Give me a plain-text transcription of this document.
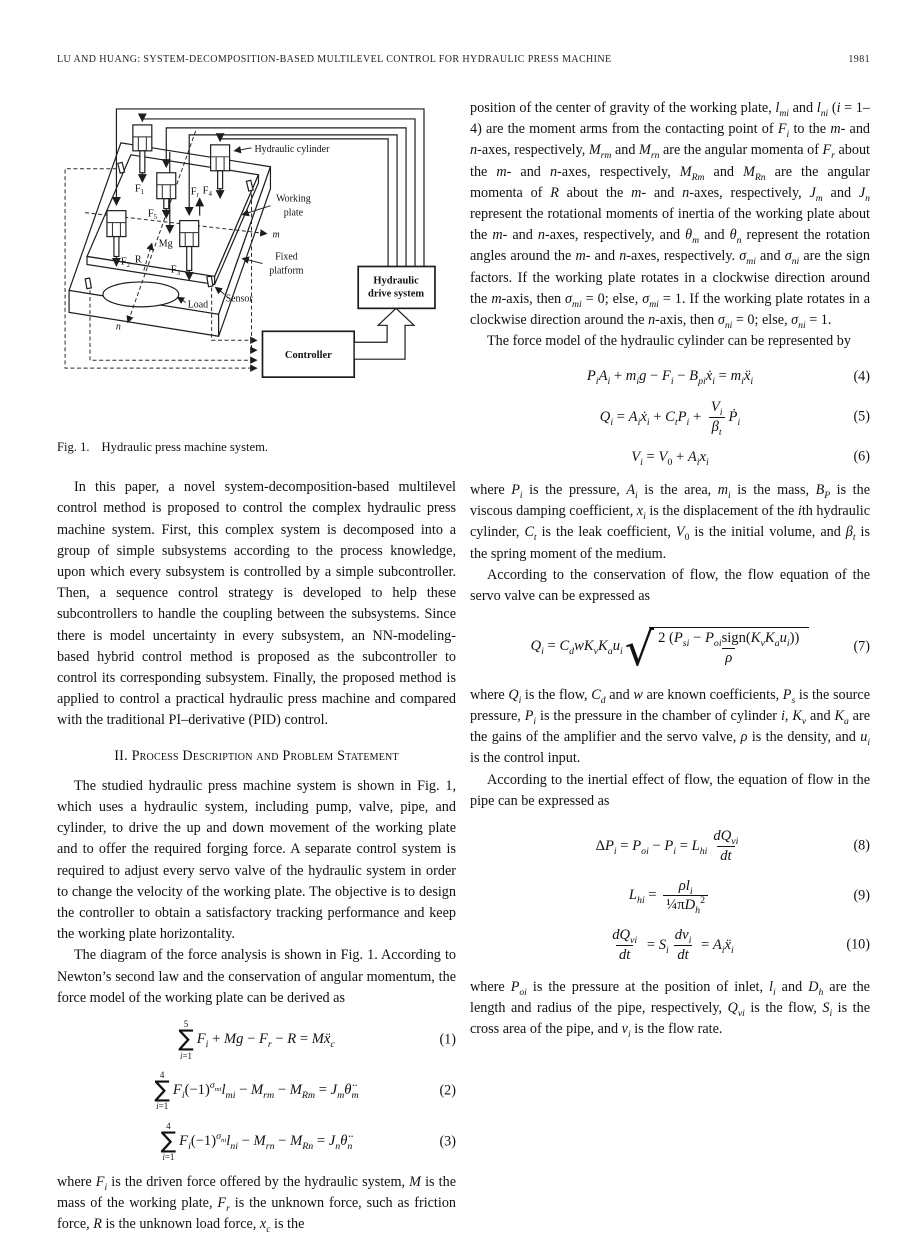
LU AND HUANG: SYSTEM-DECOMPOSITION-BASED MULTILEVEL CONTROL FOR HYDRAULIC PRESS MACHINE	1981
m
n
R
Mg
$F_r$
$F_1$	$F_4$
$F_5$
$F_2$	$F_3$
Hydraulic
drive system
Controller
Hydraulic cylinder
Working
plate
Fixed
platform
Sensor
Load
Fig. 1. Hydraulic press machine system.

In this paper, a novel system-decomposition-based multilevel control method is proposed to control the complex hydraulic press machine system. First, this complex system is decomposed into a group of simple subsystems according to the process knowledge, upon which every subsystem is controlled by a simple subcontroller. Then, a sequence control strategy is developed to help these subcontrollers to handle the coupling between the subsystems. Since there is model uncertainty in every subsystem, an NN-modeling-based hybrid control method is proposed as the subcontroller to control its corresponding subsystem. Finally, the proposed method is applied to control a practical hydraulic press machine and compared with the traditional PI–derivative (PID) control.

II. Process Description and Problem Statement

The studied hydraulic press machine system is shown in Fig. 1, which uses a hydraulic system, including pump, valve, pipe, and cylinder, to drive the up and down movement of the working plate and to offer the required forging force. A separate control system is required to adjust every servo valve of the hydraulic system in order to change the velocity of the working plate. The objective is to design the controller to obtain a satisfactory tracking performance and keep the working plate horizontality.

The diagram of the force analysis is shown in Fig. 1. According to Newton’s second law and the conservation of angular momentum, the force model of the working plate can be derived as

5
∑
i=1
$F_i + Mg - F_r - R$ = Mẍ$_c$	(1)
4
∑
i=1
$F_i(-1)^{\sigma_{mi}}l_{mi} - M_{rm} - M_{Rm}$ = $J_m\thetä_m$	(2)
4
∑
i=1
$F_i(-1)^{\sigma_{ni}}l_{ni} - M_{rn} - M_{Rn}$ = $J_n\thetä_n$	(3)

where $F_i$ is the driven force offered by the hydraulic system, M is the mass of the working plate, $F_r$ is the unknown force, such as friction force, R is the unknown load force, $x_c$ is the

position of the center of gravity of the working plate, $l_{mi}$ and $l_{ni}$ (i = 1–4) are the moment arms from the contacting point of $F_i$ to the m- and n-axes, respectively, $M_{rm}$ and $M_{rn}$ are the angular momenta of $F_r$ about the m- and n-axes, respectively, $M_{Rm}$ and $M_{Rn}$ are the angular momenta of R about the m- and n-axes, respectively, $J_m$ and $J_n$ represent the rotational moments of inertia of the working plate about the m- and n-axes, respectively, and $\theta_m$ and $\theta_n$ represent the rotation angles around the m- and n-axes, respectively. $\sigma_{mi}$ and $\sigma_{ni}$ are the sign factors. If the working plate rotates in a clockwise direction around the m-axis, then $\sigma_{mi} = 0$; else, $\sigma_{mi} = 1$. If the working plate rotates in a clockwise direction around the n-axis, then $\sigma_{ni} = 0$; else, $\sigma_{ni} = 1$.

The force model of the hydraulic cylinder can be represented by

$P_iA_i + m_ig - F_i$ − $B_{pi}ẋ_i$ = $m_iẍ_i$	(4)
$Q_i$ = $A_iẋ_i + C_tP_i + \frac{V_i}{\beta_t}$ Ṗ$_i$	(5)
$V_i = V_0 + A_ix_i$	(6)

where $P_i$ is the pressure, $A_i$ is the area, $m_i$ is the mass, $B_P$ is the viscous damping coefficient, $x_i$ is the displacement of the ith hydraulic cylinder, $C_t$ is the leak coefficient, $V_0$ is the initial volume, and $\beta_t$ is the spring moment of the medium.

According to the conservation of flow, the flow equation of the servo valve can be expressed as

$Q_i = C_dwK_vK_au_i$ √ $\frac{2 (P_{si} - P_{oi}sign(K_vK_au_i))}{\rho}$	(7)

where $Q_i$ is the flow, $C_d$ and w are known coefficients, $P_s$ is the source pressure, $P_i$ is the pressure in the chamber of cylinder i, $K_v$ and $K_a$ are the gains of the amplifier and the servo valve, ρ is the density, and $u_i$ is the control input.

According to the inertial effect of flow, the equation of flow in the pipe can be expressed as

$\Delta P_i = P_{oi} - P_i = L_{hi} \frac{dQ_{vi}}{dt}$	(8)
$L_{hi} = \frac{\rho l_i}{\frac{1}{4}\pi D_h^2}$	(9)
$\frac{dQ_{vi}}{dt} = S_i \frac{dv_i}{dt}$ = $A_iẍ_i$	(10)

where $P_{oi}$ is the pressure at the position of inlet, $l_i$ and $D_h$ are the length and radius of the pipe, respectively, $Q_{vi}$ is the flow, $S_i$ is the cross area of the pipe, and $v_i$ is the flow rate.
